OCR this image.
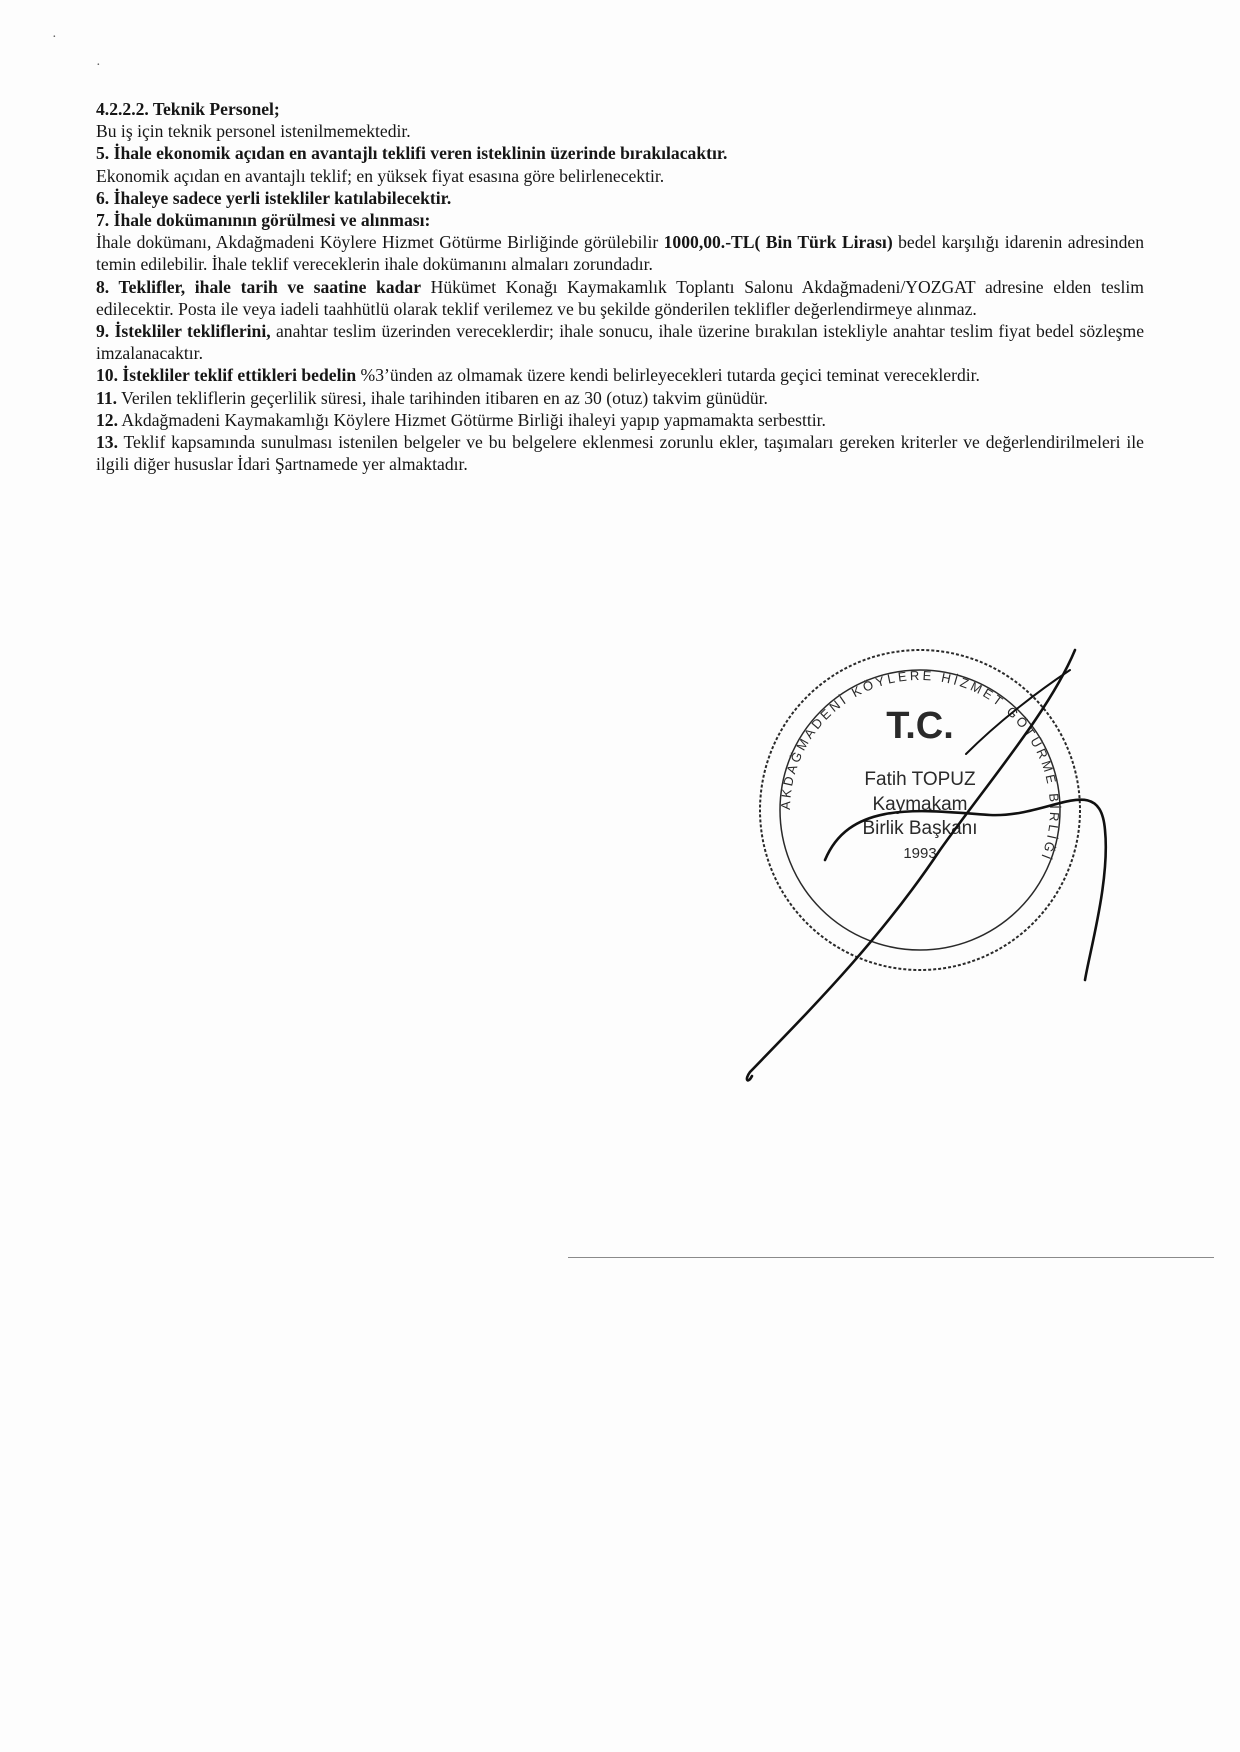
·
·

4.2.2.2. Teknik Personel;

Bu iş için teknik personel istenilmemektedir.

5. İhale ekonomik açıdan en avantajlı teklifi veren isteklinin üzerinde bırakılacaktır.

Ekonomik açıdan en avantajlı teklif; en yüksek fiyat esasına göre belirlenecektir.

6. İhaleye sadece yerli istekliler katılabilecektir.

7. İhale dokümanının görülmesi ve alınması:

İhale dokümanı, Akdağmadeni Köylere Hizmet Götürme Birliğinde görülebilir 1000,00.-TL( Bin Türk Lirası) bedel karşılığı idarenin adresinden temin edilebilir. İhale teklif vereceklerin ihale dokümanını almaları zorundadır.

8. Teklifler, ihale tarih ve saatine kadar Hükümet Konağı Kaymakamlık Toplantı Salonu Akdağmadeni/YOZGAT adresine elden teslim edilecektir. Posta ile veya iadeli taahhütlü olarak teklif verilemez ve bu şekilde gönderilen teklifler değerlendirmeye alınmaz.

9. İstekliler tekliflerini, anahtar teslim üzerinden vereceklerdir; ihale sonucu, ihale üzerine bırakılan istekliyle anahtar teslim fiyat bedel sözleşme imzalanacaktır.

10. İstekliler teklif ettikleri bedelin %3’ünden az olmamak üzere kendi belirleyecekleri tutarda geçici teminat vereceklerdir.

11. Verilen tekliflerin geçerlilik süresi, ihale tarihinden itibaren en az 30 (otuz) takvim günüdür.

12. Akdağmadeni Kaymakamlığı Köylere Hizmet Götürme Birliği ihaleyi yapıp yapmamakta serbesttir.

13. Teklif kapsamında sunulması istenilen belgeler ve bu belgelere eklenmesi zorunlu ekler, taşımaları gereken kriterler ve değerlendirilmeleri ile ilgili diğer hususlar İdari Şartnamede yer almaktadır.

AKDAĞMADENİ KÖYLERE HİZMET GÖTÜRME BİRLİĞİ
T.C.
Fatih TOPUZ
Kaymakam
Birlik Başkanı
1993
